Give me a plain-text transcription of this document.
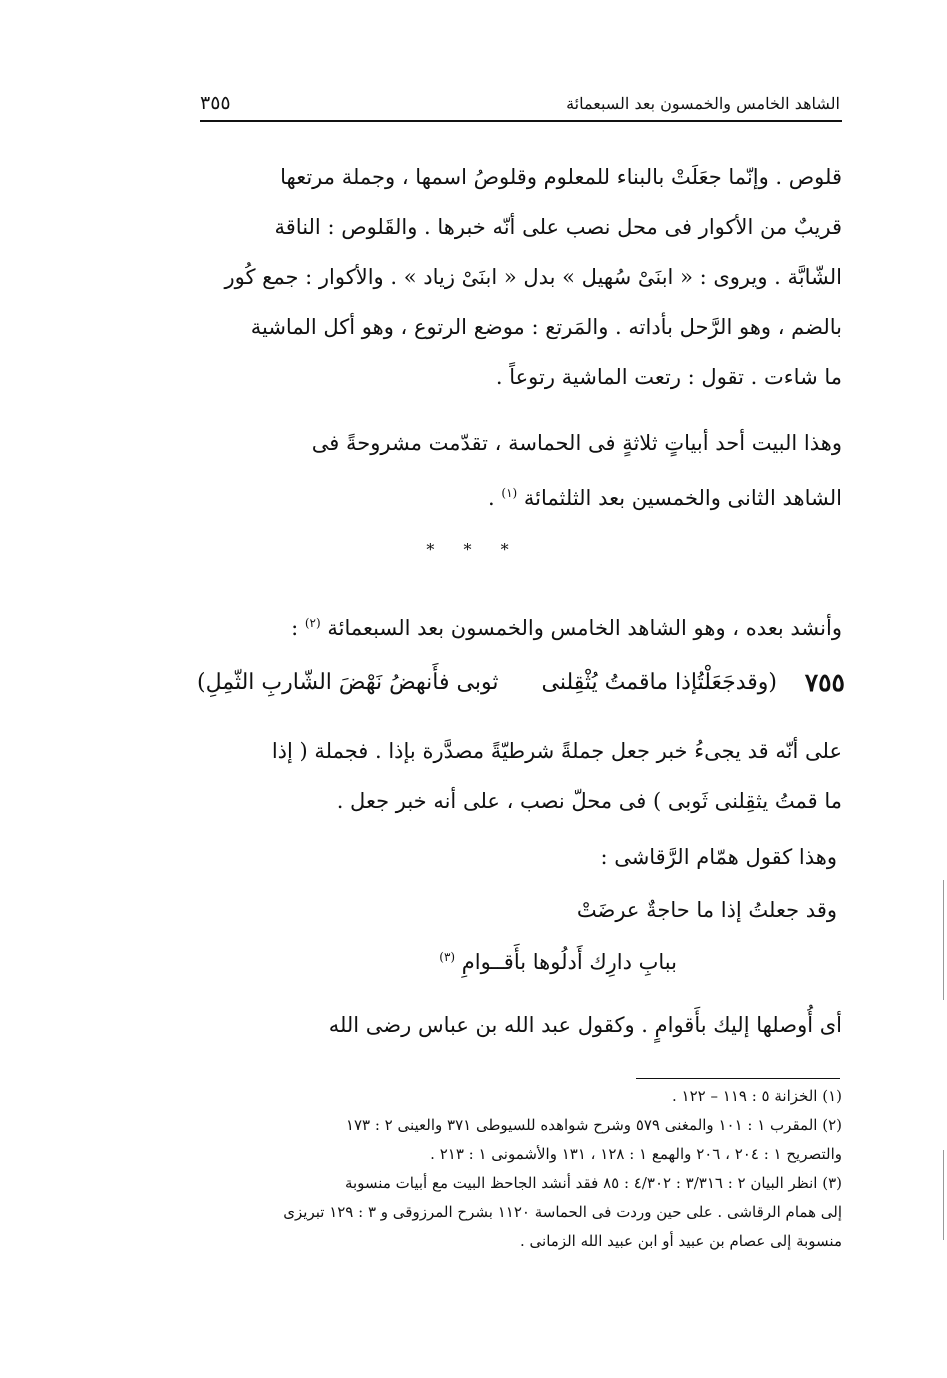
الشاهد الخامس والخمسون بعد السبعمائة
٣٥٥
قلوص . وإنّما جعَلَتْ بالبناء للمعلوم وقلوصُ اسمها ، وجملة مرتعها
قريبٌ من الأكوار فى محل نصب على أنّه خبرها . والقَلوص : الناقة
الشّابَّة . ويروى : « ابنَىْ سُهيل » بدل « ابنَىْ زياد » . والأكوار : جمع كُور
بالضم ، وهو الرَّحل بأداته . والمَرتع : موضع الرتوع ، وهو أكل الماشية
ما شاءت . تقول : رتعت الماشية رتوعاً .
وهذا البيت أحد أبياتٍ ثلاثةٍ فى الحماسة ، تقدّمت مشروحةً فى
الشاهد الثانى والخمسين بعد الثلثمائة $^{(١)}$ .
* * *
وأنشد بعده ، وهو الشاهد الخامس والخمسون بعد السبعمائة $^{(٢)}$ :
٧٥٥
(وقدجَعَلْتُإذا ماقمتُ يُثْقِلنى
ثوبى فأَنهضُ نَهْضَ الشّاربِ الثّمِلِ)
على أنّه قد يجىءُ خبر جعل جملةً شرطيّةً مصدَّرة بإذا . فجملة ( إذا
ما قمتُ يثقِلنى ثَوبى ) فى محلّ نصب ، على أنه خبر جعل .
وهذا كقول همّام الرَّقاشى :
وقد جعلتُ إذا ما حاجةٌ عرضَتْ
ببابِ دارِك أَدلُوها بأَقــوامِ $^{(٣)}$
أى أُوصلها إليك بأَقوامٍ . وكقول عبد الله بن عباس رضى الله
(١) الخزانة ٥ : ١١٩ – ١٢٢ .
(٢) المقرب ١ : ١٠١ والمغنى ٥٧٩ وشرح شواهده للسيوطى ٣٧١ والعينى ٢ : ١٧٣
والتصريح ١ : ٢٠٤ ، ٢٠٦ والهمع ١ : ١٢٨ ، ١٣١ والأشمونى ١ : ٢١٣ .
(٣) انظر البيان ٢ : ٣/٣١٦ : ٤/٣٠٢ : ٨٥ فقد أنشد الجاحظ البيت مع أبيات منسوبة
إلى همام الرقاشى . على حين وردت فى الحماسة ١١٢٠ بشرح المرزوقى و ٣ : ١٢٩ تبريزى
منسوبة إلى عصام بن عبيد أو ابن عبيد الله الزمانى .
